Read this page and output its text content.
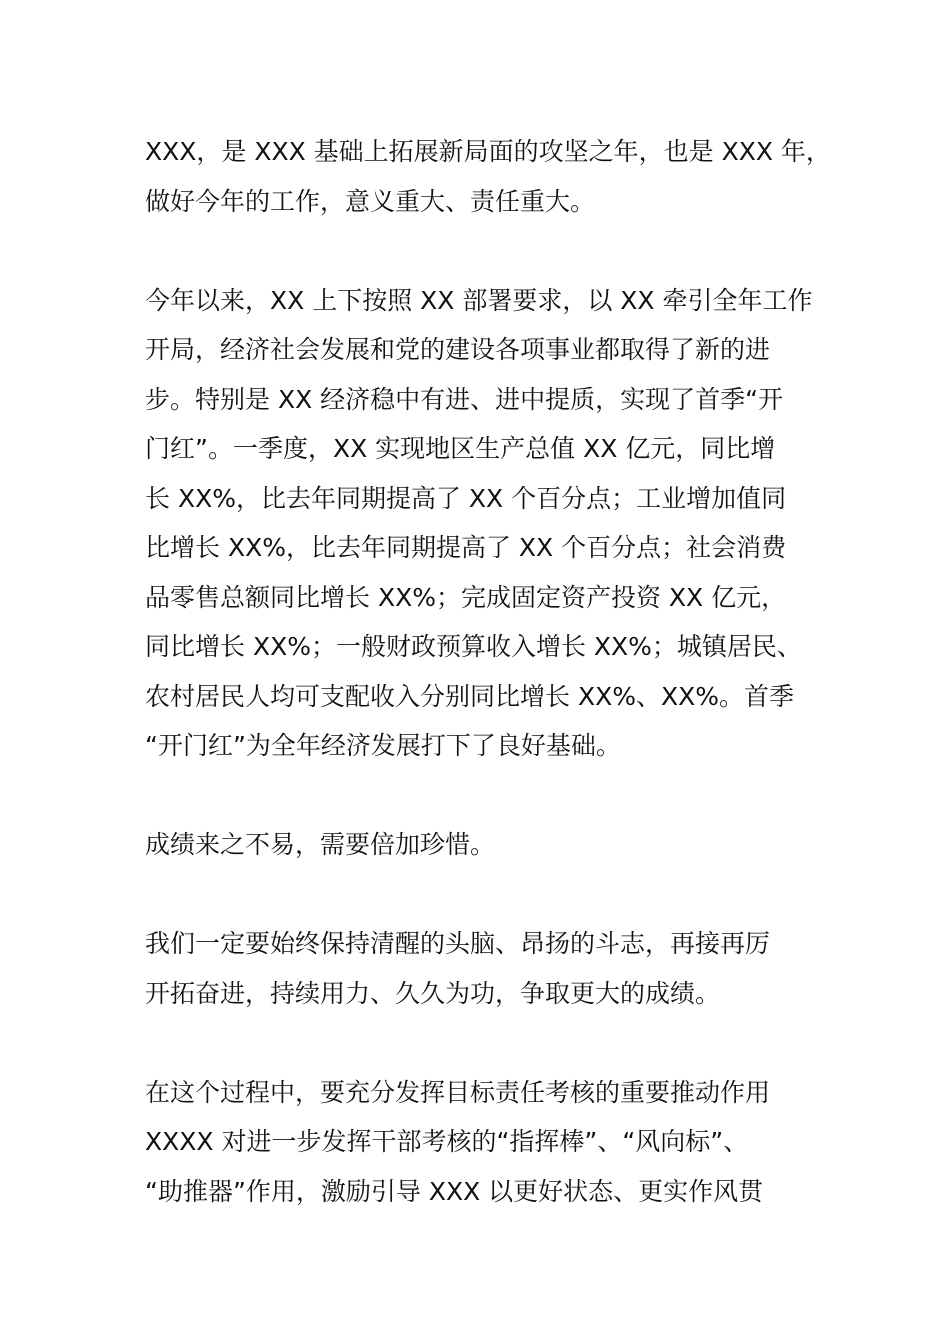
XXX，是 XXX 基础上拓展新局面的攻坚之年，也是 XXX 年，
做好今年的工作，意义重大、责任重大。

今年以来，XX 上下按照 XX 部署要求，以 XX 牵引全年工作
开局，经济社会发展和党的建设各项事业都取得了新的进
步。特别是 XX 经济稳中有进、进中提质，实现了首季“开
门红”。一季度，XX 实现地区生产总值 XX 亿元，同比增
长 XX%，比去年同期提高了 XX 个百分点；工业增加值同
比增长 XX%，比去年同期提高了 XX 个百分点；社会消费
品零售总额同比增长 XX%；完成固定资产投资 XX 亿元，
同比增长 XX%；一般财政预算收入增长 XX%；城镇居民、
农村居民人均可支配收入分别同比增长 XX%、XX%。首季
“开门红”为全年经济发展打下了良好基础。

成绩来之不易，需要倍加珍惜。

我们一定要始终保持清醒的头脑、昂扬的斗志，再接再厉
开拓奋进，持续用力、久久为功，争取更大的成绩。

在这个过程中，要充分发挥目标责任考核的重要推动作用
XXXX 对进一步发挥干部考核的“指挥棒”、“风向标”、
“助推器”作用，激励引导 XXX 以更好状态、更实作风贯
